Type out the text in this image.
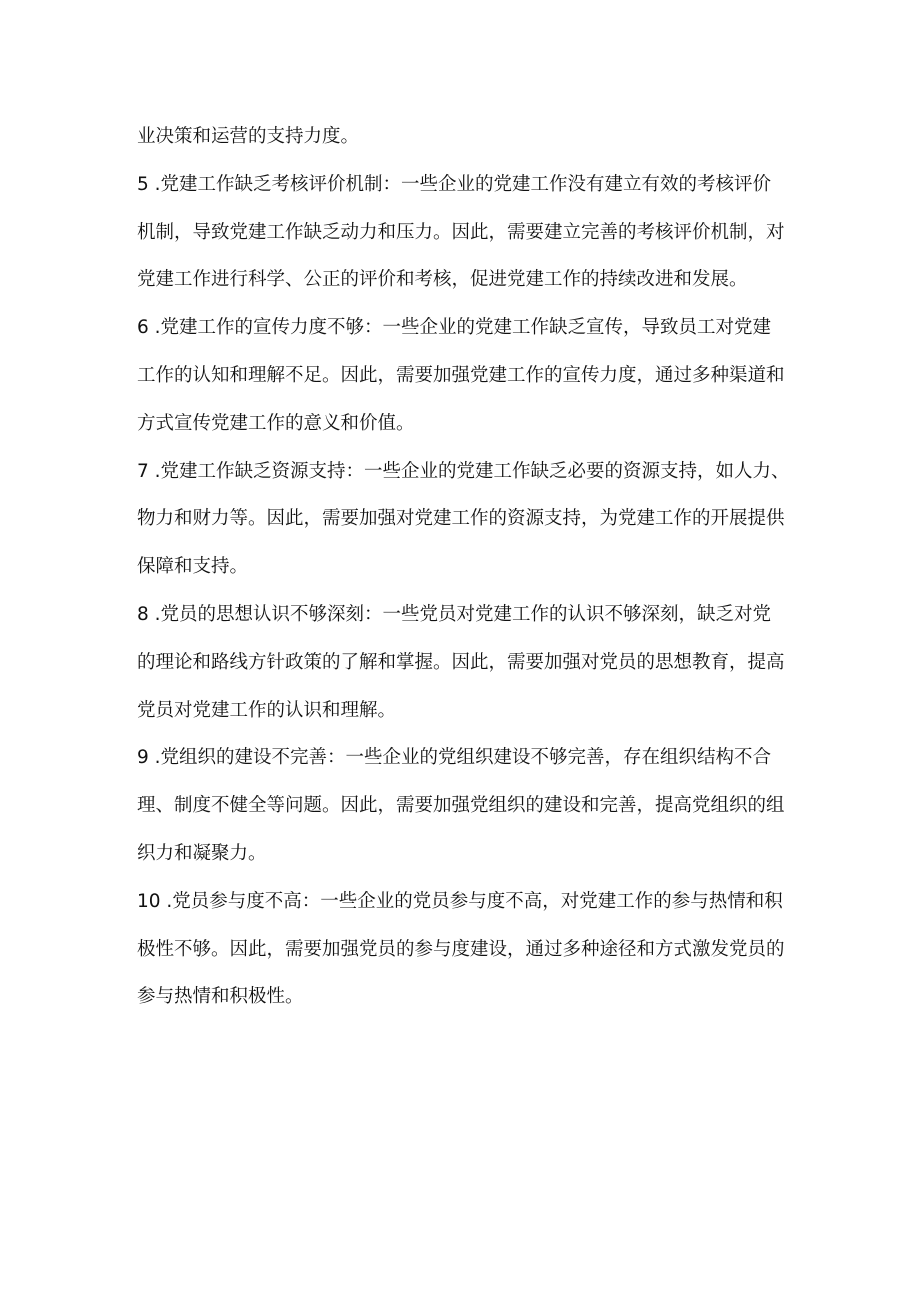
业决策和运营的支持力度。
5 .党建工作缺乏考核评价机制：一些企业的党建工作没有建立有效的考核评价
机制，导致党建工作缺乏动力和压力。因此，需要建立完善的考核评价机制，对
党建工作进行科学、公正的评价和考核，促进党建工作的持续改进和发展。
6 .党建工作的宣传力度不够：一些企业的党建工作缺乏宣传，导致员工对党建
工作的认知和理解不足。因此，需要加强党建工作的宣传力度，通过多种渠道和
方式宣传党建工作的意义和价值。
7 .党建工作缺乏资源支持：一些企业的党建工作缺乏必要的资源支持，如人力、
物力和财力等。因此，需要加强对党建工作的资源支持，为党建工作的开展提供
保障和支持。
8 .党员的思想认识不够深刻：一些党员对党建工作的认识不够深刻，缺乏对党
的理论和路线方针政策的了解和掌握。因此，需要加强对党员的思想教育，提高
党员对党建工作的认识和理解。
9 .党组织的建设不完善：一些企业的党组织建设不够完善，存在组织结构不合
理、制度不健全等问题。因此，需要加强党组织的建设和完善，提高党组织的组
织力和凝聚力。
10 .党员参与度不高：一些企业的党员参与度不高，对党建工作的参与热情和积
极性不够。因此，需要加强党员的参与度建设，通过多种途径和方式激发党员的
参与热情和积极性。
